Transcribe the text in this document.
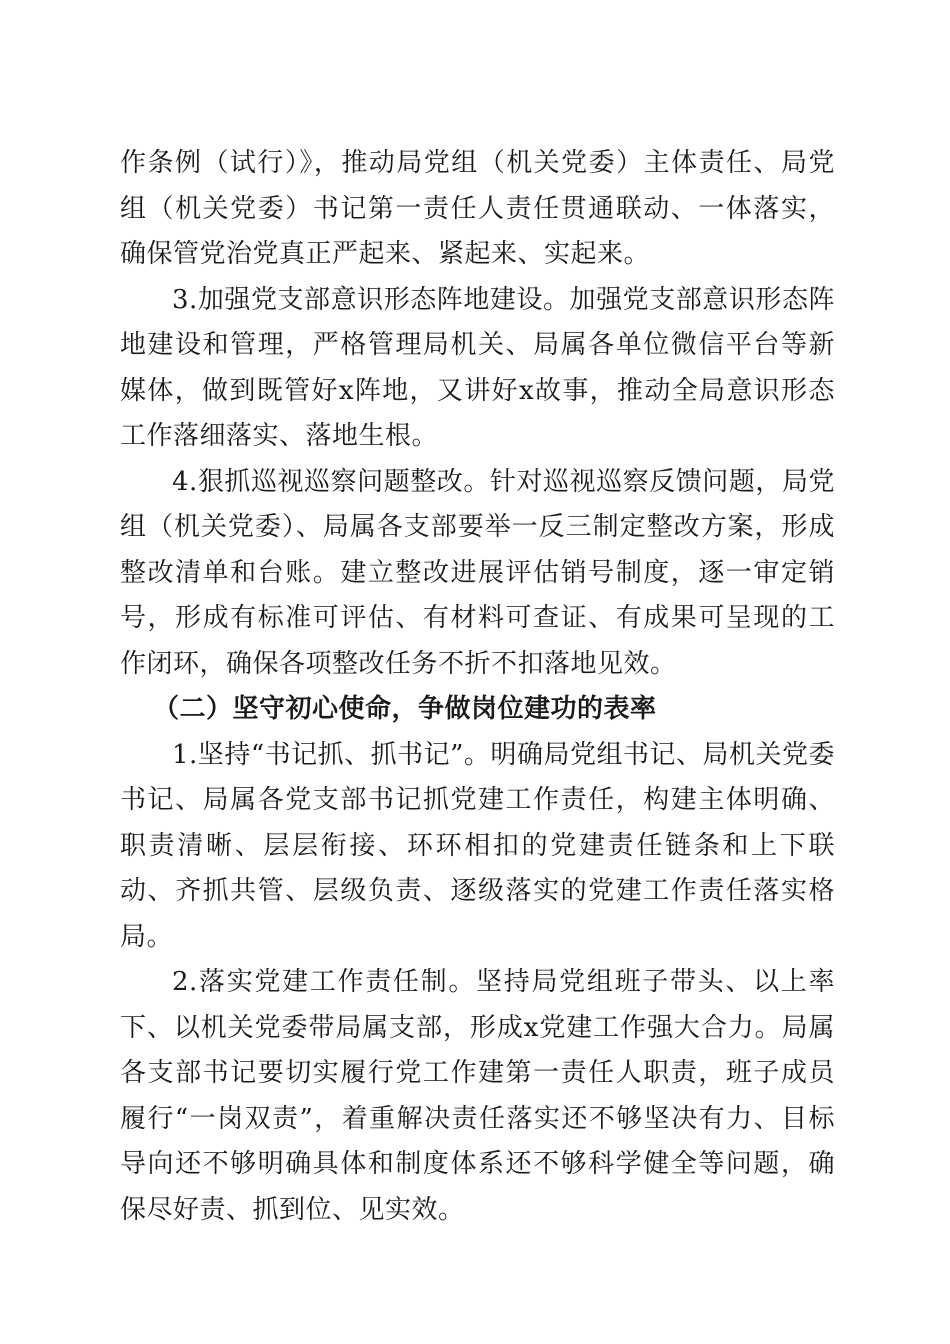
作条例（试行）》，推动局党组（机关党委）主体责任、局党组（机关党委）书记第一责任人责任贯通联动、一体落实，确保管党治党真正严起来、紧起来、实起来。

3.加强党支部意识形态阵地建设。加强党支部意识形态阵地建设和管理，严格管理局机关、局属各单位微信平台等新媒体，做到既管好x阵地，又讲好x故事，推动全局意识形态工作落细落实、落地生根。

4.狠抓巡视巡察问题整改。针对巡视巡察反馈问题，局党组（机关党委）、局属各支部要举一反三制定整改方案，形成整改清单和台账。建立整改进展评估销号制度，逐一审定销号，形成有标准可评估、有材料可查证、有成果可呈现的工作闭环，确保各项整改任务不折不扣落地见效。

（二）坚守初心使命，争做岗位建功的表率

1.坚持“书记抓、抓书记”。明确局党组书记、局机关党委书记、局属各党支部书记抓党建工作责任，构建主体明确、职责清晰、层层衔接、环环相扣的党建责任链条和上下联动、齐抓共管、层级负责、逐级落实的党建工作责任落实格局。

2.落实党建工作责任制。坚持局党组班子带头、以上率下、以机关党委带局属支部，形成x党建工作强大合力。局属各支部书记要切实履行党工作建第一责任人职责，班子成员履行“一岗双责”，着重解决责任落实还不够坚决有力、目标导向还不够明确具体和制度体系还不够科学健全等问题，确保尽好责、抓到位、见实效。
